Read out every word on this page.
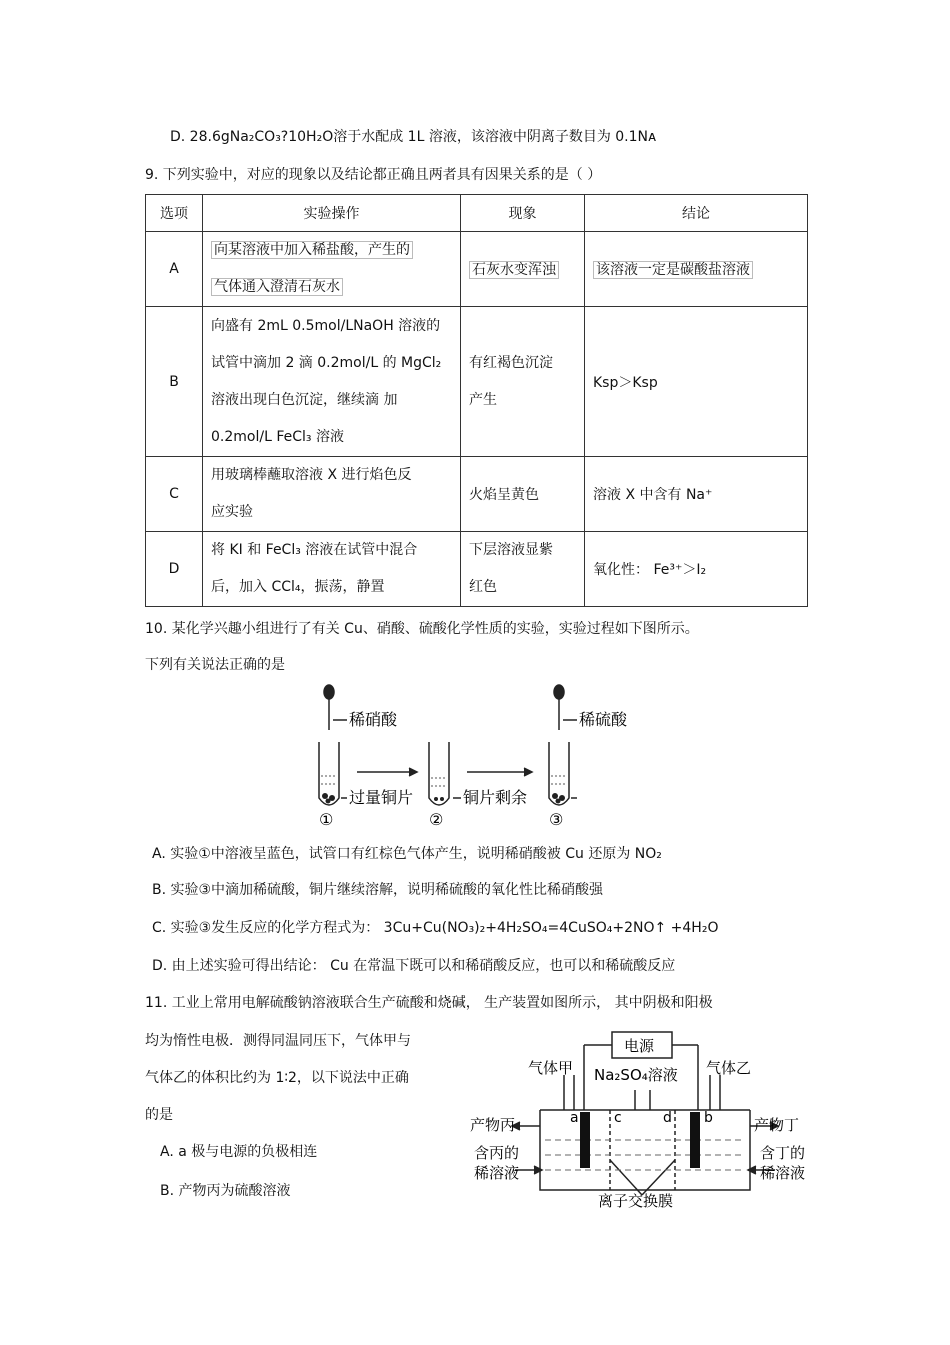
D. 28.6gNa₂CO₃?10H₂O溶于水配成 1L 溶液，该溶液中阴离子数目为 0.1Nᴀ
9. 下列实验中，对应的现象以及结论都正确且两者具有因果关系的是（ ）
选项	实验操作	现象	结论
A	向某溶液中加入稀盐酸，产生的
气体通入澄清石灰水	石灰水变浑浊	该溶液一定是碳酸盐溶液
B	向盛有 2mL 0.5mol/LNaOH 溶液的
试管中滴加 2 滴 0.2mol/L 的 MgCl₂
溶液出现白色沉淀，继续滴 加
0.2mol/L FeCl₃ 溶液	有红褐色沉淀
产生	Ksp＞Ksp
C	用玻璃棒蘸取溶液 X 进行焰色反
应实验	火焰呈黄色	溶液 X 中含有 Na⁺
D	将 KI 和 FeCl₃ 溶液在试管中混合
后，加入 CCl₄，振荡，静置	下层溶液显紫
红色	氧化性： Fe³⁺＞I₂
10. 某化学兴趣小组进行了有关 Cu、硝酸、硫酸化学性质的实验，实验过程如下图所示。
下列有关说法正确的是
稀硝酸	稀硫酸
过量铜片	铜片剩余
①	②	③
A. 实验①中溶液呈蓝色，试管口有红棕色气体产生，说明稀硝酸被 Cu 还原为 NO₂
B. 实验③中滴加稀硫酸，铜片继续溶解，说明稀硫酸的氧化性比稀硝酸强
C. 实验③发生反应的化学方程式为： 3Cu+Cu(NO₃)₂+4H₂SO₄=4CuSO₄+2NO↑ +4H₂O
D. 由上述实验可得出结论： Cu 在常温下既可以和稀硝酸反应，也可以和稀硫酸反应
11. 工业上常用电解硫酸钠溶液联合生产硫酸和烧碱， 生产装置如图所示， 其中阴极和阳极
均为惰性电极．测得同温同压下，气体甲与
气体乙的体积比约为 1∶2，以下说法中正确
的是
A. a 极与电源的负极相连
B. 产物丙为硫酸溶液
电源
气体甲	气体乙
Na₂SO₄溶液
产物丙	产物丁
含丙的
稀溶液
含丁的
稀溶液
a	b
c	d
离子交换膜
